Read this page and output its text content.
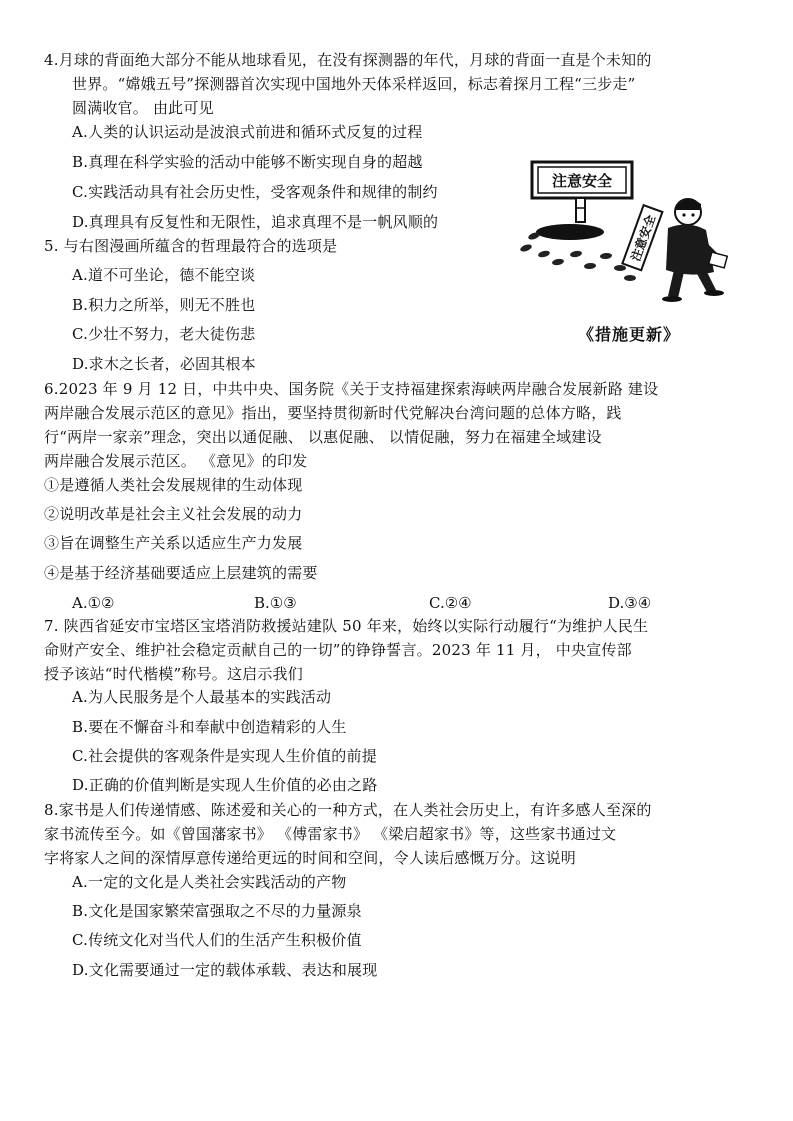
4.月球的背面绝大部分不能从地球看见，在没有探测器的年代，月球的背面一直是个未知的
世界。“嫦娥五号”探测器首次实现中国地外天体采样返回，标志着探月工程“三步走”
圆满收官。 由此可见
A.人类的认识运动是波浪式前进和循环式反复的过程
B.真理在科学实验的活动中能够不断实现自身的超越
C.实践活动具有社会历史性，受客观条件和规律的制约
D.真理具有反复性和无限性，追求真理不是一帆风顺的
5. 与右图漫画所蕴含的哲理最符合的选项是
A.道不可坐论，德不能空谈
B.积力之所举，则无不胜也
C.少壮不努力，老大徒伤悲
D.求木之长者，必固其根本
注意安全
注意安全
《措施更新》
6.2023 年 9 月 12 日，中共中央、国务院《关于支持福建探索海峡两岸融合发展新路 建设
两岸融合发展示范区的意见》指出，要坚持贯彻新时代党解决台湾问题的总体方略，践
行“两岸一家亲”理念，突出以通促融、 以惠促融、 以情促融，努力在福建全域建设
两岸融合发展示范区。 《意见》的印发
①是遵循人类社会发展规律的生动体现
②说明改革是社会主义社会发展的动力
③旨在调整生产关系以适应生产力发展
④是基于经济基础要适应上层建筑的需要
A.①②	B.①③	C.②④	D.③④
7. 陕西省延安市宝塔区宝塔消防救援站建队 50 年来，始终以实际行动履行“为维护人民生
命财产安全、维护社会稳定贡献自己的一切”的铮铮誓言。2023 年 11 月， 中央宣传部
授予该站“时代楷模”称号。这启示我们
A.为人民服务是个人最基本的实践活动
B.要在不懈奋斗和奉献中创造精彩的人生
C.社会提供的客观条件是实现人生价值的前提
D.正确的价值判断是实现人生价值的必由之路
8.家书是人们传递情感、陈述爱和关心的一种方式，在人类社会历史上，有许多感人至深的
家书流传至今。如《曾国藩家书》 《傅雷家书》 《梁启超家书》等，这些家书通过文
字将家人之间的深情厚意传递给更远的时间和空间，令人读后感慨万分。这说明
A.一定的文化是人类社会实践活动的产物
B.文化是国家繁荣富强取之不尽的力量源泉
C.传统文化对当代人们的生活产生积极价值
D.文化需要通过一定的载体承载、表达和展现
